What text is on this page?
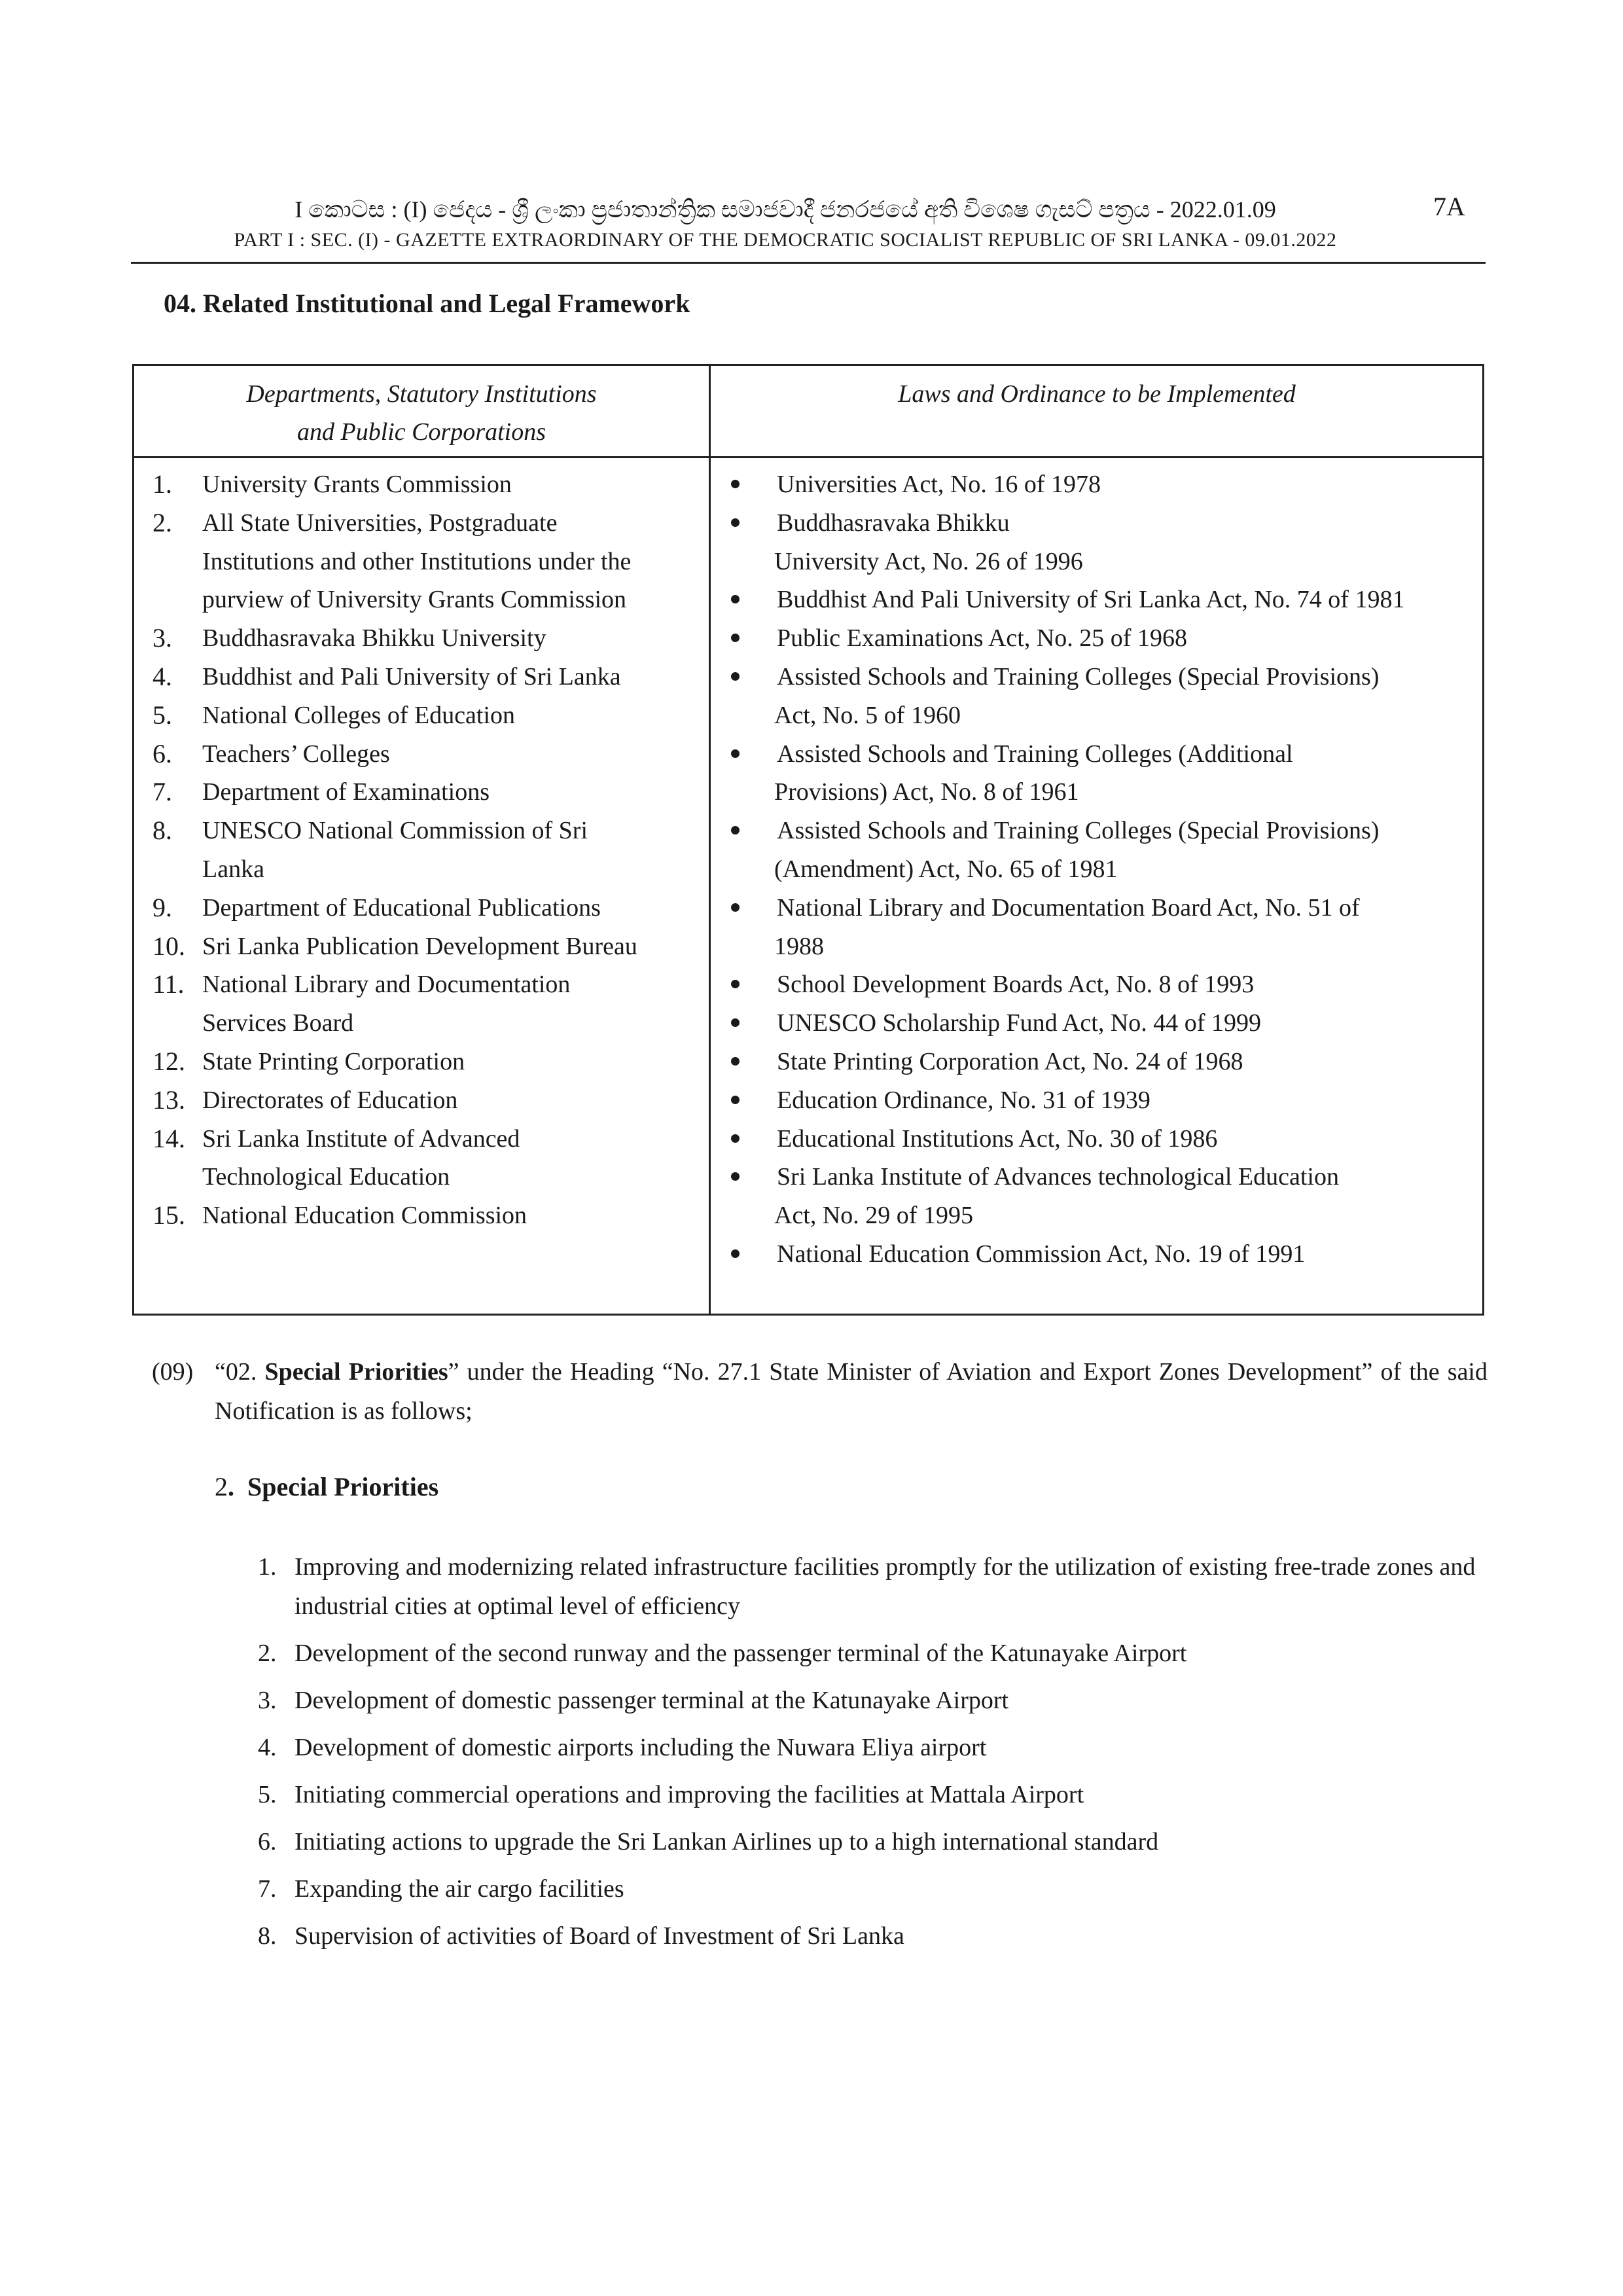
I කොටස : (I) ජෙදය - ශ්‍රී ලංකා ප්‍රජාතාන්ත්‍රික සමාජවාදී ජනරජයේ අති විශෙෂ ගැසට් පත්‍රය - 2022.01.09
PART I : SEC. (I) - GAZETTE EXTRAORDINARY OF THE DEMOCRATIC SOCIALIST REPUBLIC OF SRI LANKA - 09.01.2022
7A
04. Related Institutional and Legal Framework
Departments, Statutory Institutions
and Public Corporations
Laws and Ordinance to be Implemented
1. University Grants Commission
2. All State Universities, Postgraduate
Institutions and other Institutions under the
purview of University Grants Commission
3. Buddhasravaka Bhikku University
4. Buddhist and Pali University of Sri Lanka
5. National Colleges of Education
6. Teachers’ Colleges
7. Department of Examinations
8. UNESCO National Commission of Sri
Lanka
9. Department of Educational Publications
10. Sri Lanka Publication Development Bureau
11. National Library and Documentation
Services Board
12. State Printing Corporation
13. Directorates of Education
14. Sri Lanka Institute of Advanced
Technological Education
15. National Education Commission
Universities Act, No. 16 of 1978
Buddhasravaka Bhikku
University Act, No. 26 of 1996
Buddhist And Pali University of Sri Lanka Act, No. 74 of 1981
Public Examinations Act, No. 25 of 1968
Assisted Schools and Training Colleges (Special Provisions)
Act, No. 5 of 1960
Assisted Schools and Training Colleges (Additional
Provisions) Act, No. 8 of 1961
Assisted Schools and Training Colleges (Special Provisions)
(Amendment) Act, No. 65 of 1981
National Library and Documentation Board Act, No. 51 of
1988
School Development Boards Act, No. 8 of 1993
UNESCO Scholarship Fund Act, No. 44 of 1999
State Printing Corporation Act, No. 24 of 1968
Education Ordinance, No. 31 of 1939
Educational Institutions Act, No. 30 of 1986
Sri Lanka Institute of Advances technological Education
Act, No. 29 of 1995
National Education Commission Act, No. 19 of 1991
(09) “02. Special Priorities” under the Heading “No. 27.1 State Minister of Aviation and Export Zones Development” of the said Notification is as follows;
2.  Special Priorities
1. Improving and modernizing related infrastructure facilities promptly for the utilization of existing free-trade zones and industrial cities at optimal level of efficiency
2. Development of the second runway and the passenger terminal of the Katunayake Airport
3. Development of domestic passenger terminal at the Katunayake Airport
4. Development of domestic airports including the Nuwara Eliya airport
5. Initiating commercial operations and improving the facilities at Mattala Airport
6. Initiating actions to upgrade the Sri Lankan Airlines up to a high international standard
7. Expanding the air cargo facilities
8. Supervision of activities of Board of Investment of Sri Lanka
